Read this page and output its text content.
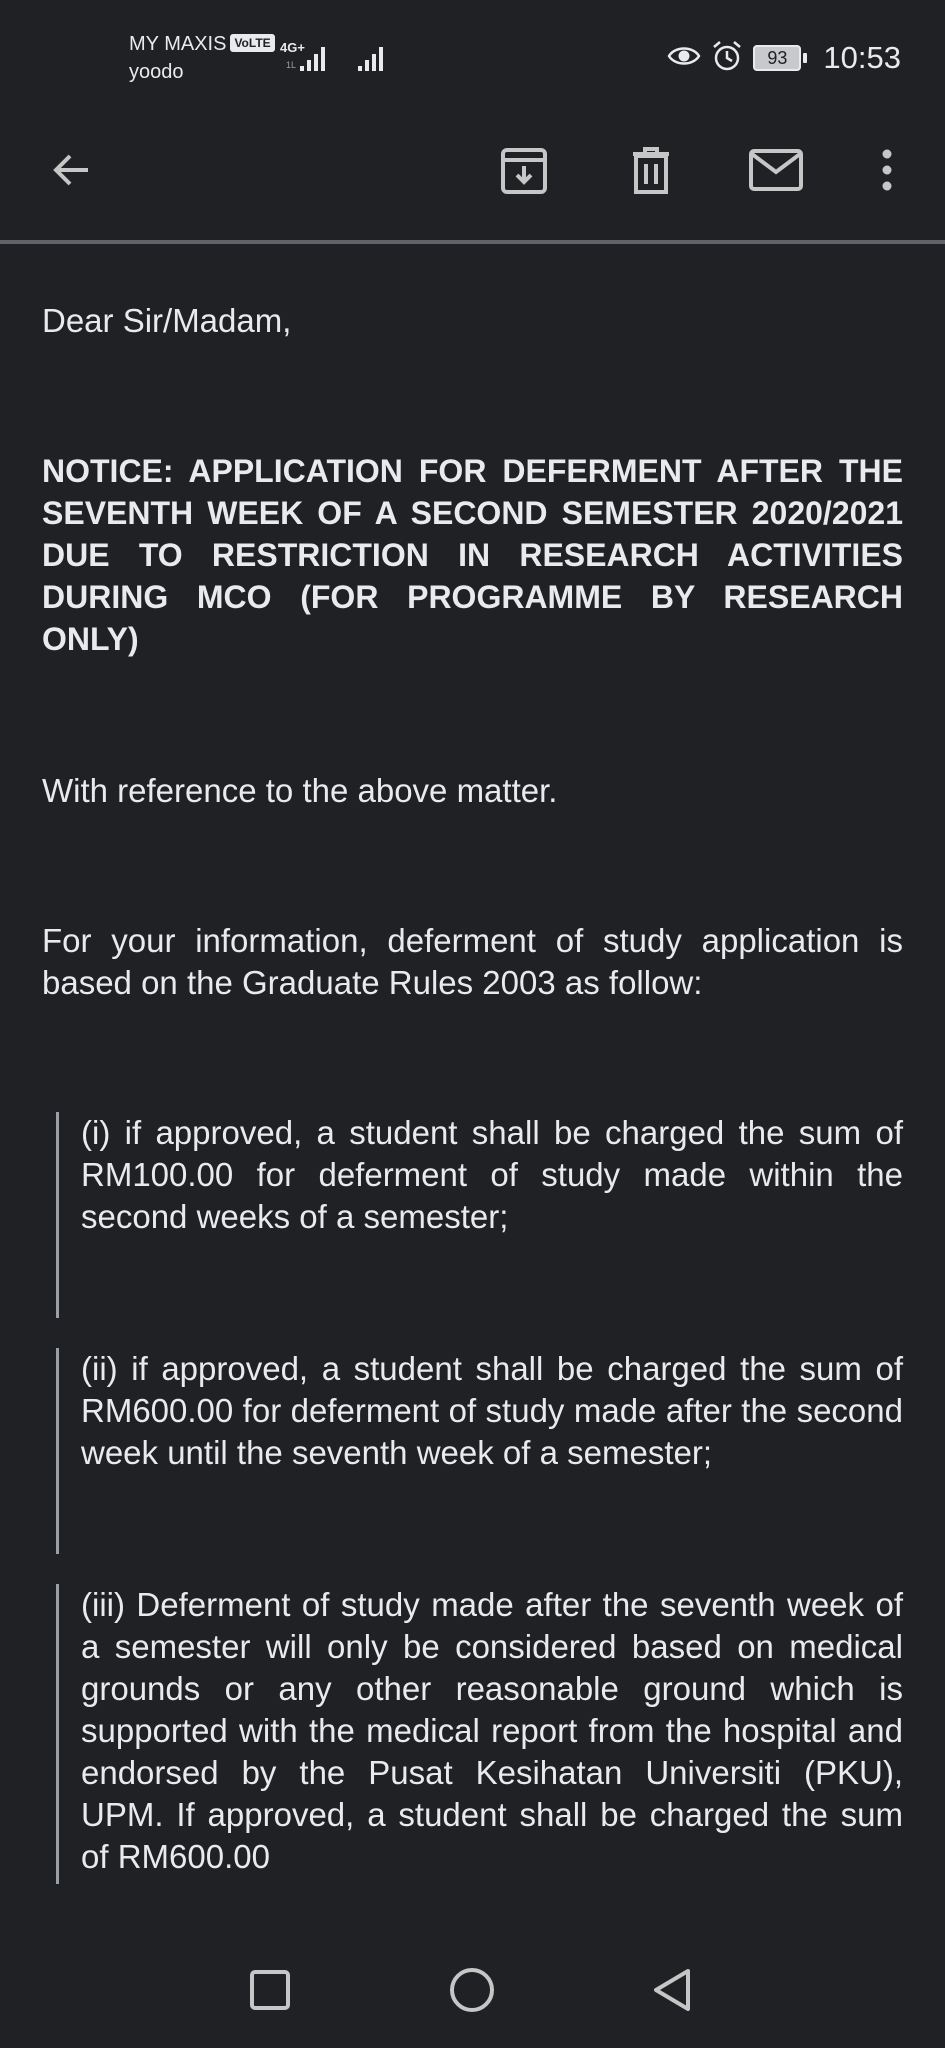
MY MAXIS VoLTE
yoodo
4G+
1L	93	10:53

Dear Sir/Madam,

NOTICE: APPLICATION FOR DEFERMENT AFTER THE SEVENTH WEEK OF A SECOND SEMESTER 2020/2021 DUE TO RESTRICTION IN RESEARCH ACTIVITIES DURING MCO (FOR PROGRAMME BY RESEARCH ONLY)

With reference to the above matter.

For your information, deferment of study application is based on the Graduate Rules 2003 as follow:

(i) if approved, a student shall be charged the sum of RM100.00 for deferment of study made within the second weeks of a semester;
(ii) if approved, a student shall be charged the sum of RM600.00 for deferment of study made after the second week until the seventh week of a semester;
(iii) Deferment of study made after the seventh week of a semester will only be considered based on medical grounds or any other reasonable ground which is supported with the medical report from the hospital and endorsed by the Pusat Kesihatan Universiti (PKU), UPM. If approved, a student shall be charged the sum of RM600.00
